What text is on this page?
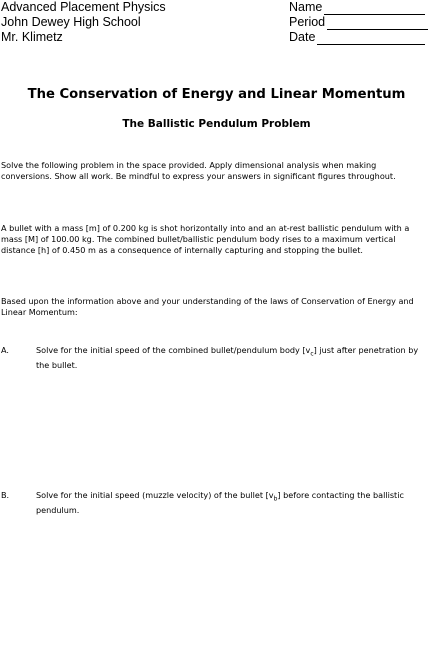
Advanced Placement Physics
John Dewey High School
Mr. Klimetz
Name
Period
Date
The Conservation of Energy and Linear Momentum
The Ballistic Pendulum Problem
Solve the following problem in the space provided. Apply dimensional analysis when making conversions. Show all work. Be mindful to express your answers in significant figures throughout.
A bullet with a mass [m] of 0.200 kg is shot horizontally into and an at-rest ballistic pendulum with a mass [M] of 100.00 kg. The combined bullet/ballistic pendulum body rises to a maximum vertical distance [h] of 0.450 m as a consequence of internally capturing and stopping the bullet.
Based upon the information above and your understanding of the laws of Conservation of Energy and Linear Momentum:
A.	Solve for the initial speed of the combined bullet/pendulum body $[v_c]$ just after penetration by the bullet.
B.	Solve for the initial speed (muzzle velocity) of the bullet $[v_b]$ before contacting the ballistic pendulum.
